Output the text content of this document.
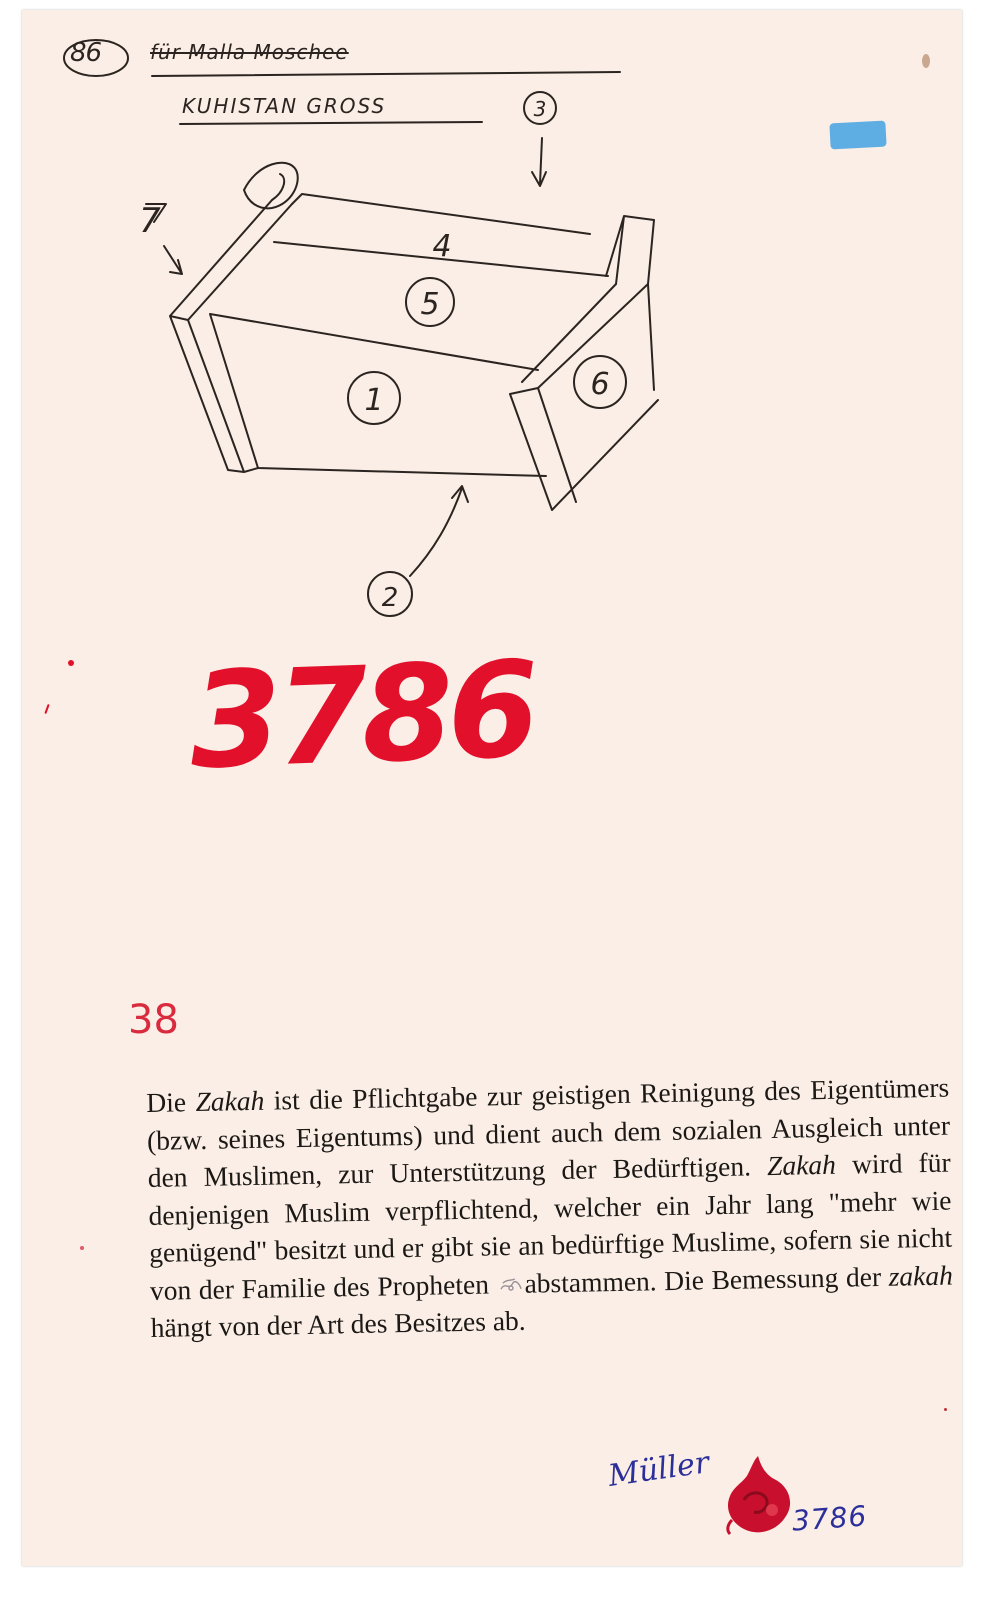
86 für Malla Moschee
KUHISTAN GROSS
1
2
3
4
5
6
7
3786
38
Die Zakah ist die Pflichtgabe zur geistigen Reinigung des Eigentümers (bzw. seines Eigentums) und dient auch dem sozialen Ausgleich unter den Muslimen, zur Unterstützung der Bedürftigen. Zakah wird für denjenigen Muslim verpflichtend, welcher ein Jahr lang "mehr wie genügend" besitzt und er gibt sie an bedürftige Muslime, sofern sie nicht von der Familie des Propheten abstammen. Die Bemessung der zakah hängt von der Art des Besitzes ab.
Müller
3786
